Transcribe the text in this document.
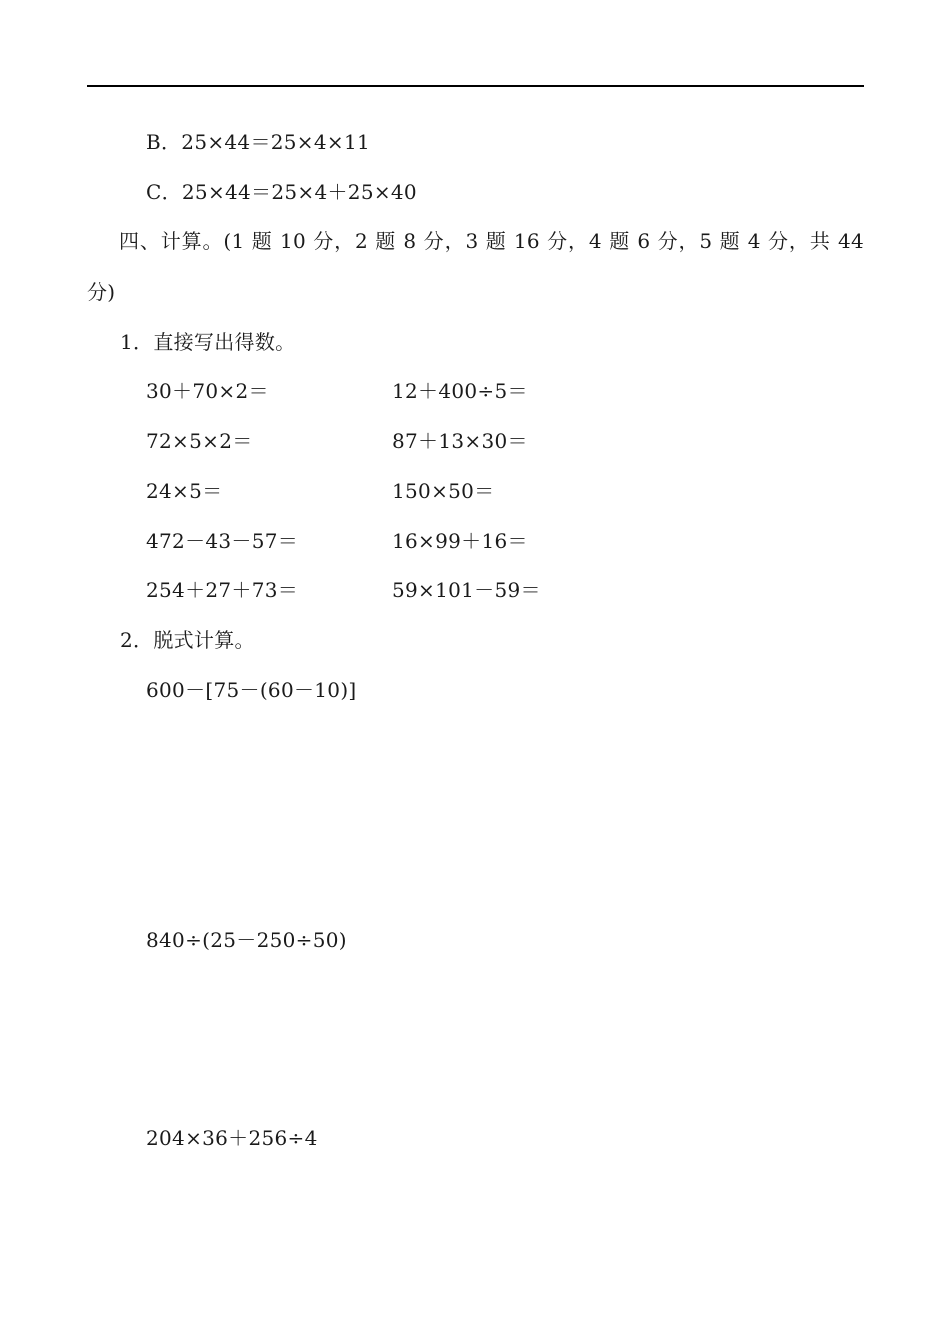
B．25×44＝25×4×11
C．25×44＝25×4＋25×40
四、计算。(1 题 10 分，2 题 8 分，3 题 16 分，4 题 6 分，5 题 4 分，共 44 分)
1．直接写出得数。
30＋70×2＝	12＋400÷5＝
72×5×2＝	87＋13×30＝
24×5＝	150×50＝
472－43－57＝	16×99＋16＝
254＋27＋73＝	59×101－59＝
2．脱式计算。
600－[75－(60－10)]
840÷(25－250÷50)
204×36＋256÷4
